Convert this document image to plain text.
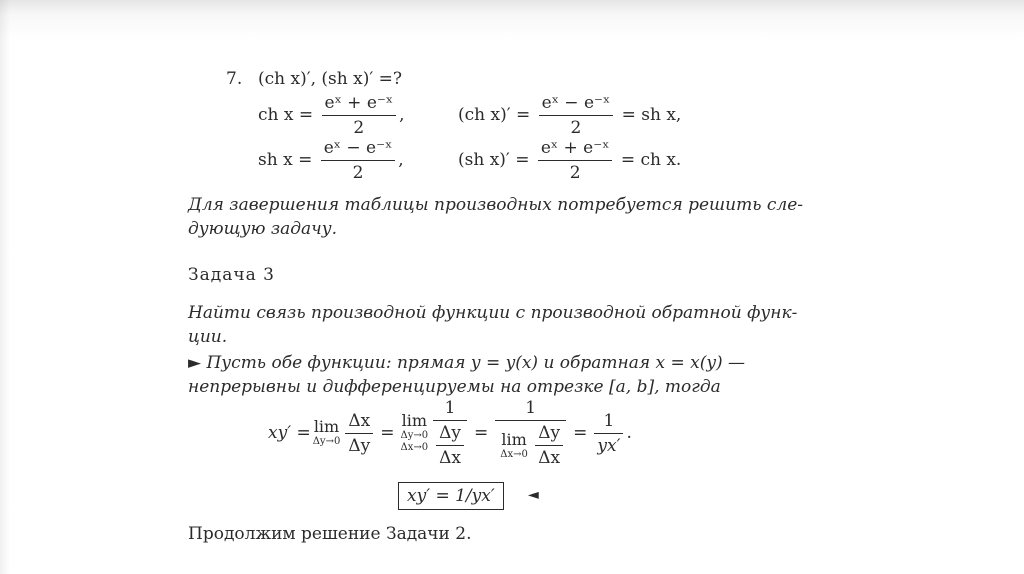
7. (ch x)′, (sh x)′ =?
ch $x = \frac{\text{eˣ + e⁻ˣ}}{2}$ ,	(ch $x)' = \frac{\text{eˣ − e⁻ˣ}}{2}$ = sh x,
sh $x = \frac{\text{eˣ − e⁻ˣ}}{2}$ ,	(sh $x)' = \frac{\text{eˣ + e⁻ˣ}}{2}$ = ch x.
Для завершения таблицы производных потребуется решить сле-
дующую задачу.
Задача 3
Найти связь производной функции с производной обратной функ-
ции.
► Пусть обе функции: прямая y = y(x) и обратная x = x(y) —
непрерывны и дифференцируемы на отрезке [a, b], тогда
xy′ = lim
$\Delta y\to 0 \frac{\Delta x}{\Delta y}$ =
lim
Δy→0
$\Delta x\to 0 \frac{1}{\frac{\Delta y}{\Delta x}}$ =
1
lim
Δx→0
$\frac{\Delta y}{\Delta x} = \frac{1}{yx'}$ .
xy′ = 1/yx′	◄
Продолжим решение Задачи 2.
